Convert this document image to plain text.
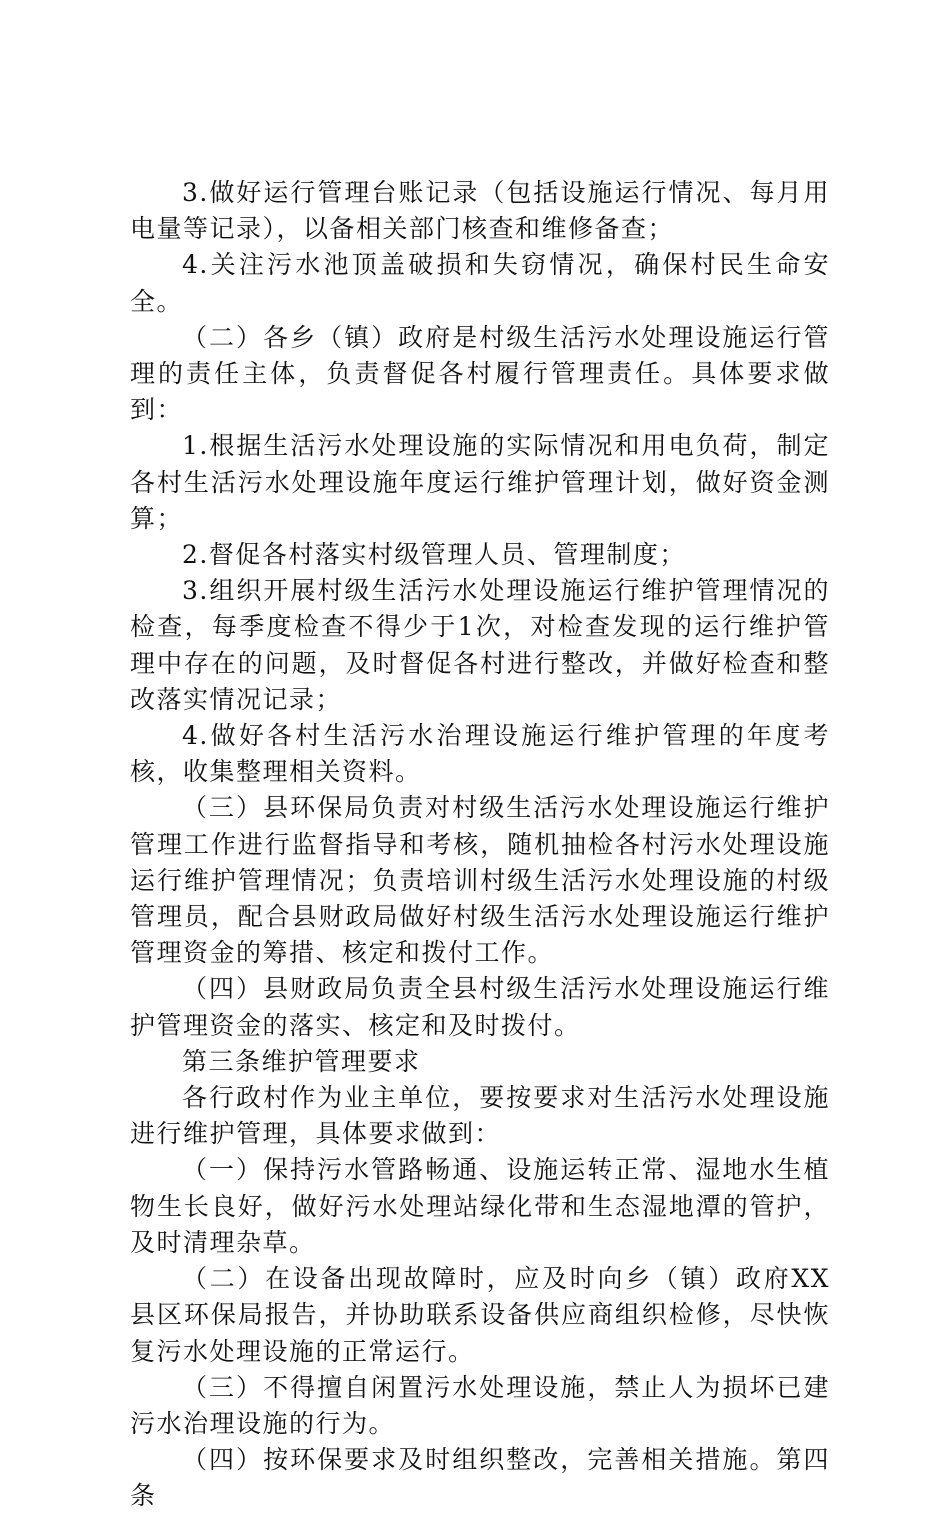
3.做好运行管理台账记录（包括设施运行情况、每月用电量等记录），以备相关部门核查和维修备查；

4.关注污水池顶盖破损和失窃情况，确保村民生命安全。

（二）各乡（镇）政府是村级生活污水处理设施运行管理的责任主体，负责督促各村履行管理责任。具体要求做到：

1.根据生活污水处理设施的实际情况和用电负荷，制定各村生活污水处理设施年度运行维护管理计划，做好资金测算；

2.督促各村落实村级管理人员、管理制度；

3.组织开展村级生活污水处理设施运行维护管理情况的检查，每季度检查不得少于1次，对检查发现的运行维护管理中存在的问题，及时督促各村进行整改，并做好检查和整改落实情况记录；

4.做好各村生活污水治理设施运行维护管理的年度考核，收集整理相关资料。

（三）县环保局负责对村级生活污水处理设施运行维护管理工作进行监督指导和考核，随机抽检各村污水处理设施运行维护管理情况；负责培训村级生活污水处理设施的村级管理员，配合县财政局做好村级生活污水处理设施运行维护管理资金的筹措、核定和拨付工作。

（四）县财政局负责全县村级生活污水处理设施运行维护管理资金的落实、核定和及时拨付。

第三条维护管理要求

各行政村作为业主单位，要按要求对生活污水处理设施进行维护管理，具体要求做到：

（一）保持污水管路畅通、设施运转正常、湿地水生植物生长良好，做好污水处理站绿化带和生态湿地潭的管护，及时清理杂草。

（二）在设备出现故障时，应及时向乡（镇）政府XX县区环保局报告，并协助联系设备供应商组织检修，尽快恢复污水处理设施的正常运行。

（三）不得擅自闲置污水处理设施，禁止人为损坏已建污水治理设施的行为。

（四）按环保要求及时组织整改，完善相关措施。第四条
